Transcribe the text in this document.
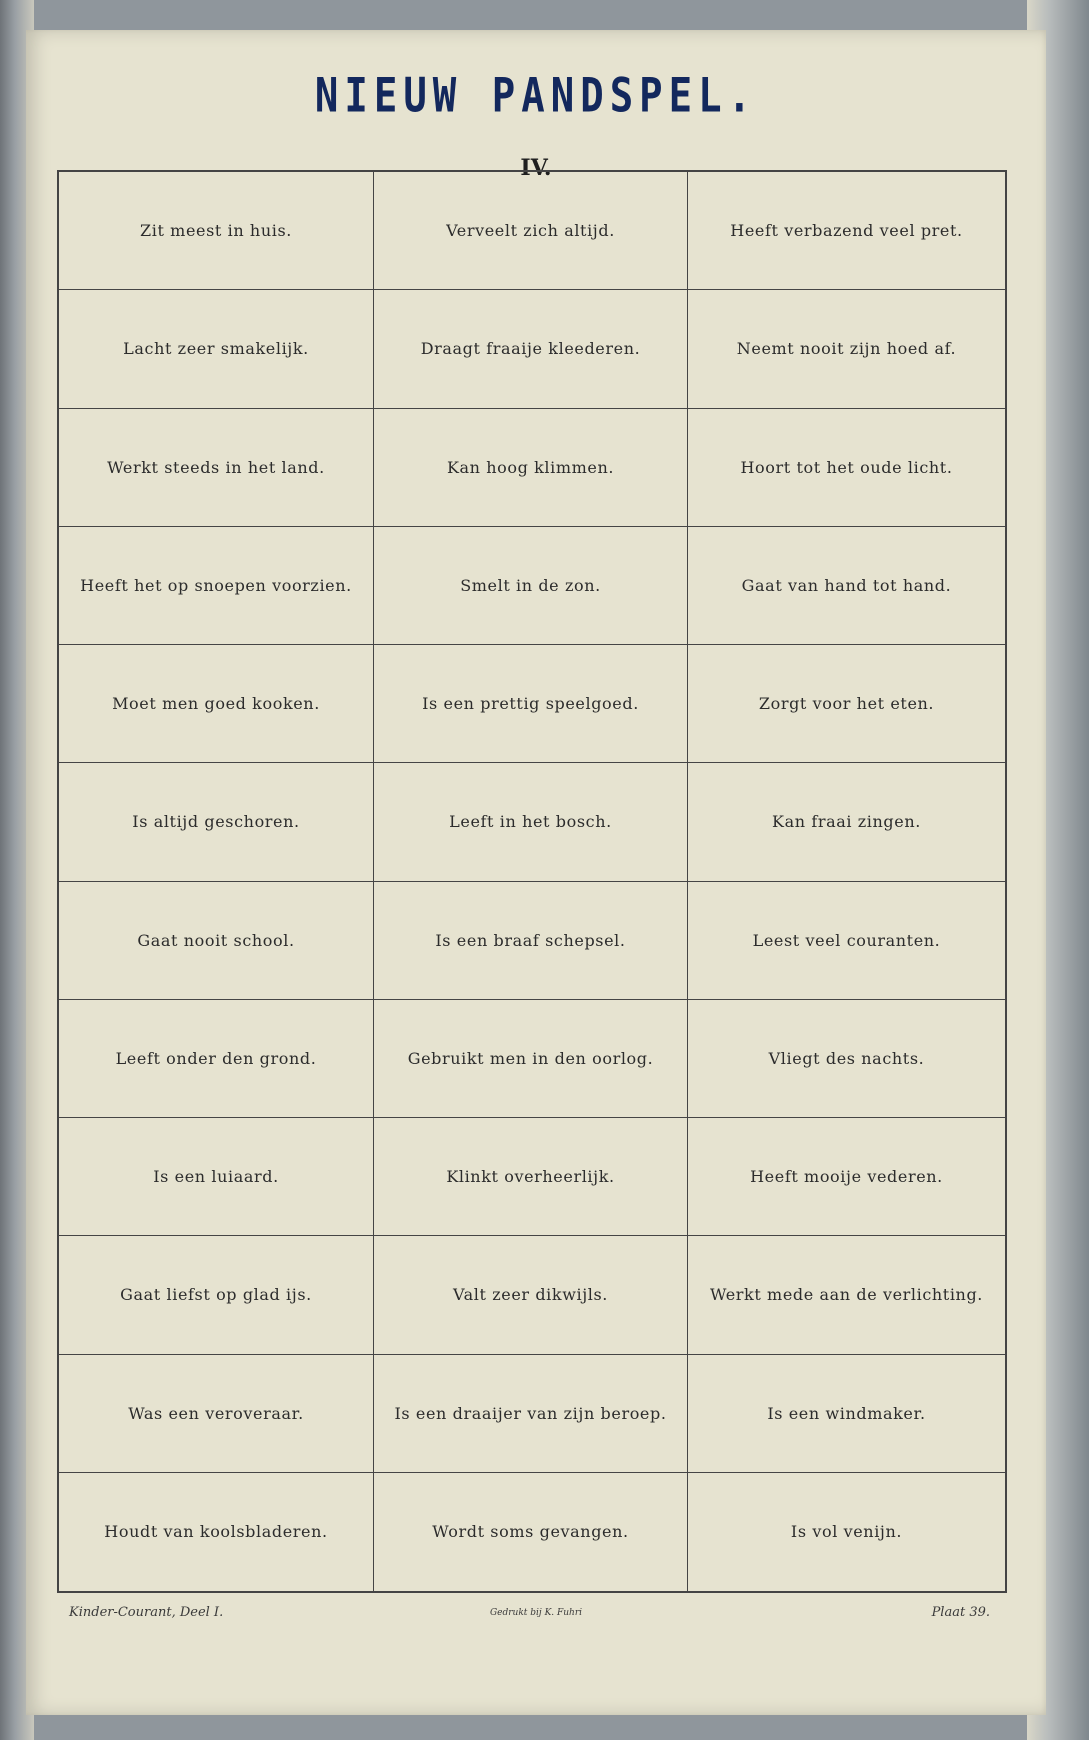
NIEUW PANDSPEL.
IV.
Zit meest in huis.	Verveelt zich altijd.	Heeft verbazend veel pret.
Lacht zeer smakelijk.	Draagt fraaije kleederen.	Neemt nooit zijn hoed af.
Werkt steeds in het land.	Kan hoog klimmen.	Hoort tot het oude licht.
Heeft het op snoepen voorzien.	Smelt in de zon.	Gaat van hand tot hand.
Moet men goed kooken.	Is een prettig speelgoed.	Zorgt voor het eten.
Is altijd geschoren.	Leeft in het bosch.	Kan fraai zingen.
Gaat nooit school.	Is een braaf schepsel.	Leest veel couranten.
Leeft onder den grond.	Gebruikt men in den oorlog.	Vliegt des nachts.
Is een luiaard.	Klinkt overheerlijk.	Heeft mooije vederen.
Gaat liefst op glad ijs.	Valt zeer dikwijls.	Werkt mede aan de verlichting.
Was een veroveraar.	Is een draaijer van zijn beroep.	Is een windmaker.
Houdt van koolsbladeren.	Wordt soms gevangen.	Is vol venijn.
Kinder-Courant, Deel I.	Gedrukt bij K. Fuhri	Plaat 39.
